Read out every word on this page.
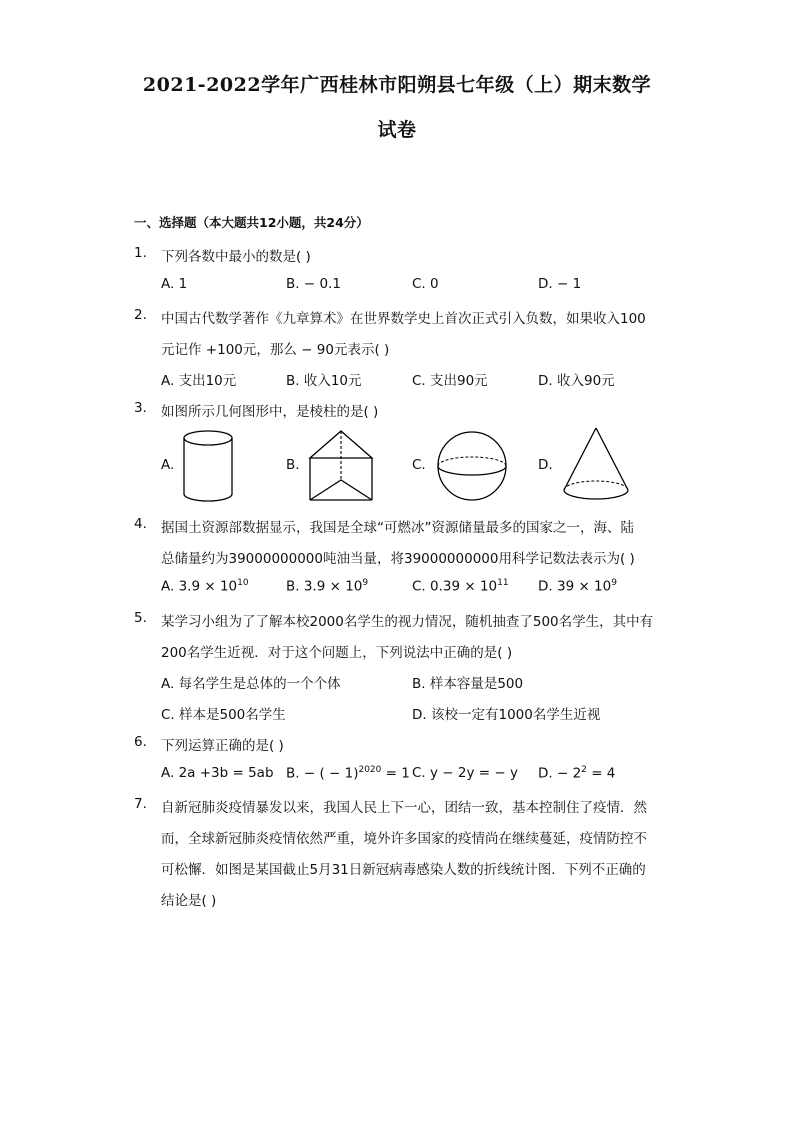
2021-2022学年广西桂林市阳朔县七年级（上）期末数学
试卷
一、选择题（本大题共12小题，共24分）
1.	下列各数中最小的数是( )
A. 1	B. − 0.1	C. 0	D. − 1
2.	中国古代数学著作《九章算术》在世界数学史上首次正式引入负数，如果收入100
元记作 +100元，那么 − 90元表示( )
A. 支出10元	B. 收入10元	C. 支出90元	D. 收入90元
3.	如图所示几何图形中，是棱柱的是( )
A.	B.	C.	D.
4.	据国土资源部数据显示，我国是全球“可燃冰”资源储量最多的国家之一，海、陆
总储量约为39000000000吨油当量，将39000000000用科学记数法表示为( )
A. $3.9 \times 10^{10}$	B. $3.9 \times 10^9$	C. $0.39 \times 10^{11}$ D. $39 \times 10^9$
5.	某学习小组为了了解本校2000名学生的视力情况，随机抽查了500名学生，其中有
200名学生近视．对于这个问题上，下列说法中正确的是( )
A. 每名学生是总体的一个个体	B. 样本容量是500
C. 样本是500名学生	D. 该校一定有1000名学生近视
6.	下列运算正确的是( )
A. 2a +3b = 5ab B. − ( − 1)$^{2020}$ = 1 C. y − 2y = − y D. − $2^2 = 4$
7.	自新冠肺炎疫情暴发以来，我国人民上下一心，团结一致，基本控制住了疫情．然
而，全球新冠肺炎疫情依然严重，境外许多国家的疫情尚在继续蔓延，疫情防控不
可松懈．如图是某国截止5月31日新冠病毒感染人数的折线统计图．下列不正确的
结论是( )
